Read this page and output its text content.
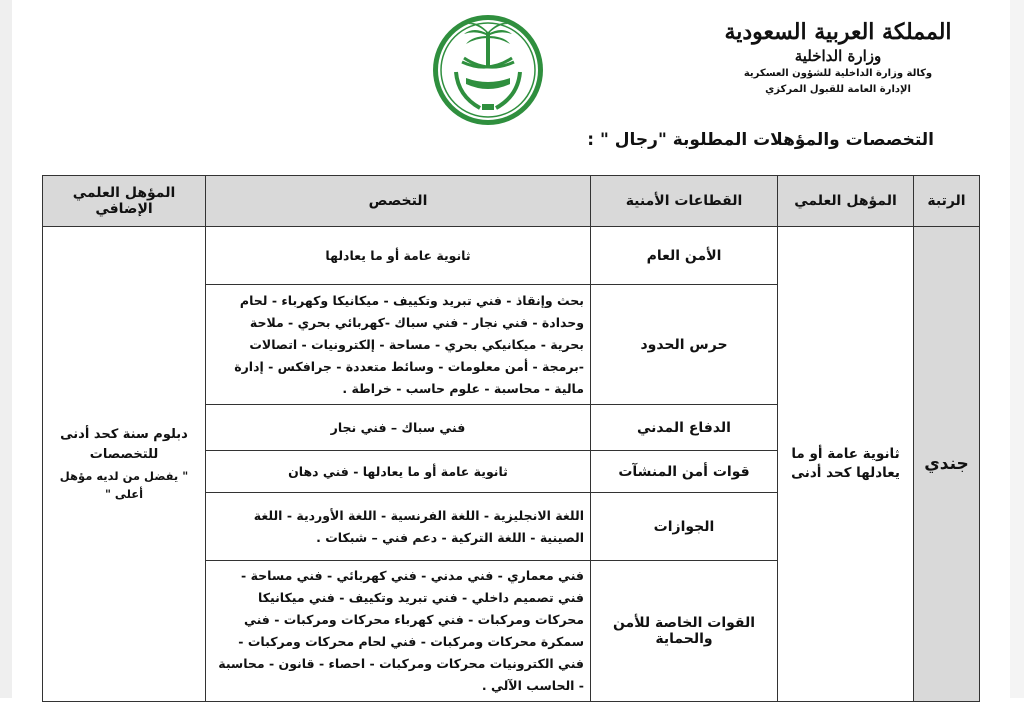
المملكة العربية السعودية
وزارة الداخلية
وكالة وزارة الداخلية للشؤون العسكرية
الإدارة العامة للقبول المركزي
التخصصات والمؤهلات المطلوبة "رجال " :
الرتبة	المؤهل العلمي	القطاعات الأمنية	التخصص	المؤهل العلمي الإضافي
جندي	ثانوية عامة أو ما يعادلها كحد أدنى	الأمن العام	ثانوية عامة أو ما يعادلها	دبلوم سنة كحد أدنى للتخصصات
" يفضل من لديه مؤهل أعلى "

		حرس الحدود	بحث وإنقاذ - فني تبريد وتكييف - ميكانيكا وكهرباء - لحام وحدادة - فني نجار - فني سباك -كهربائي بحري - ملاحة بحرية - ميكانيكي بحري - مساحة - إلكترونيات - اتصالات -برمجة - أمن معلومات - وسائط متعددة - جرافكس - إدارة مالية - محاسبة - علوم حاسب - خراطة .	
		الدفاع المدني	فني سباك – فني نجار	
		قوات أمن المنشآت	ثانوية عامة أو ما يعادلها - فني دهان	
		الجوازات	اللغة الانجليزية - اللغة الفرنسية - اللغة الأوردية - اللغة الصينية - اللغة التركية - دعم فني – شبكات .	
		القوات الخاصة للأمن والحماية	فني معماري - فني مدني - فني كهربائي - فني مساحة - فني تصميم داخلي - فني تبريد وتكييف - فني ميكانيكا محركات ومركبات - فني كهرباء محركات ومركبات - فني سمكرة محركات ومركبات - فني لحام محركات ومركبات - فني الكترونيات محركات ومركبات - احصاء - قانون - محاسبة - الحاسب الآلي .	
